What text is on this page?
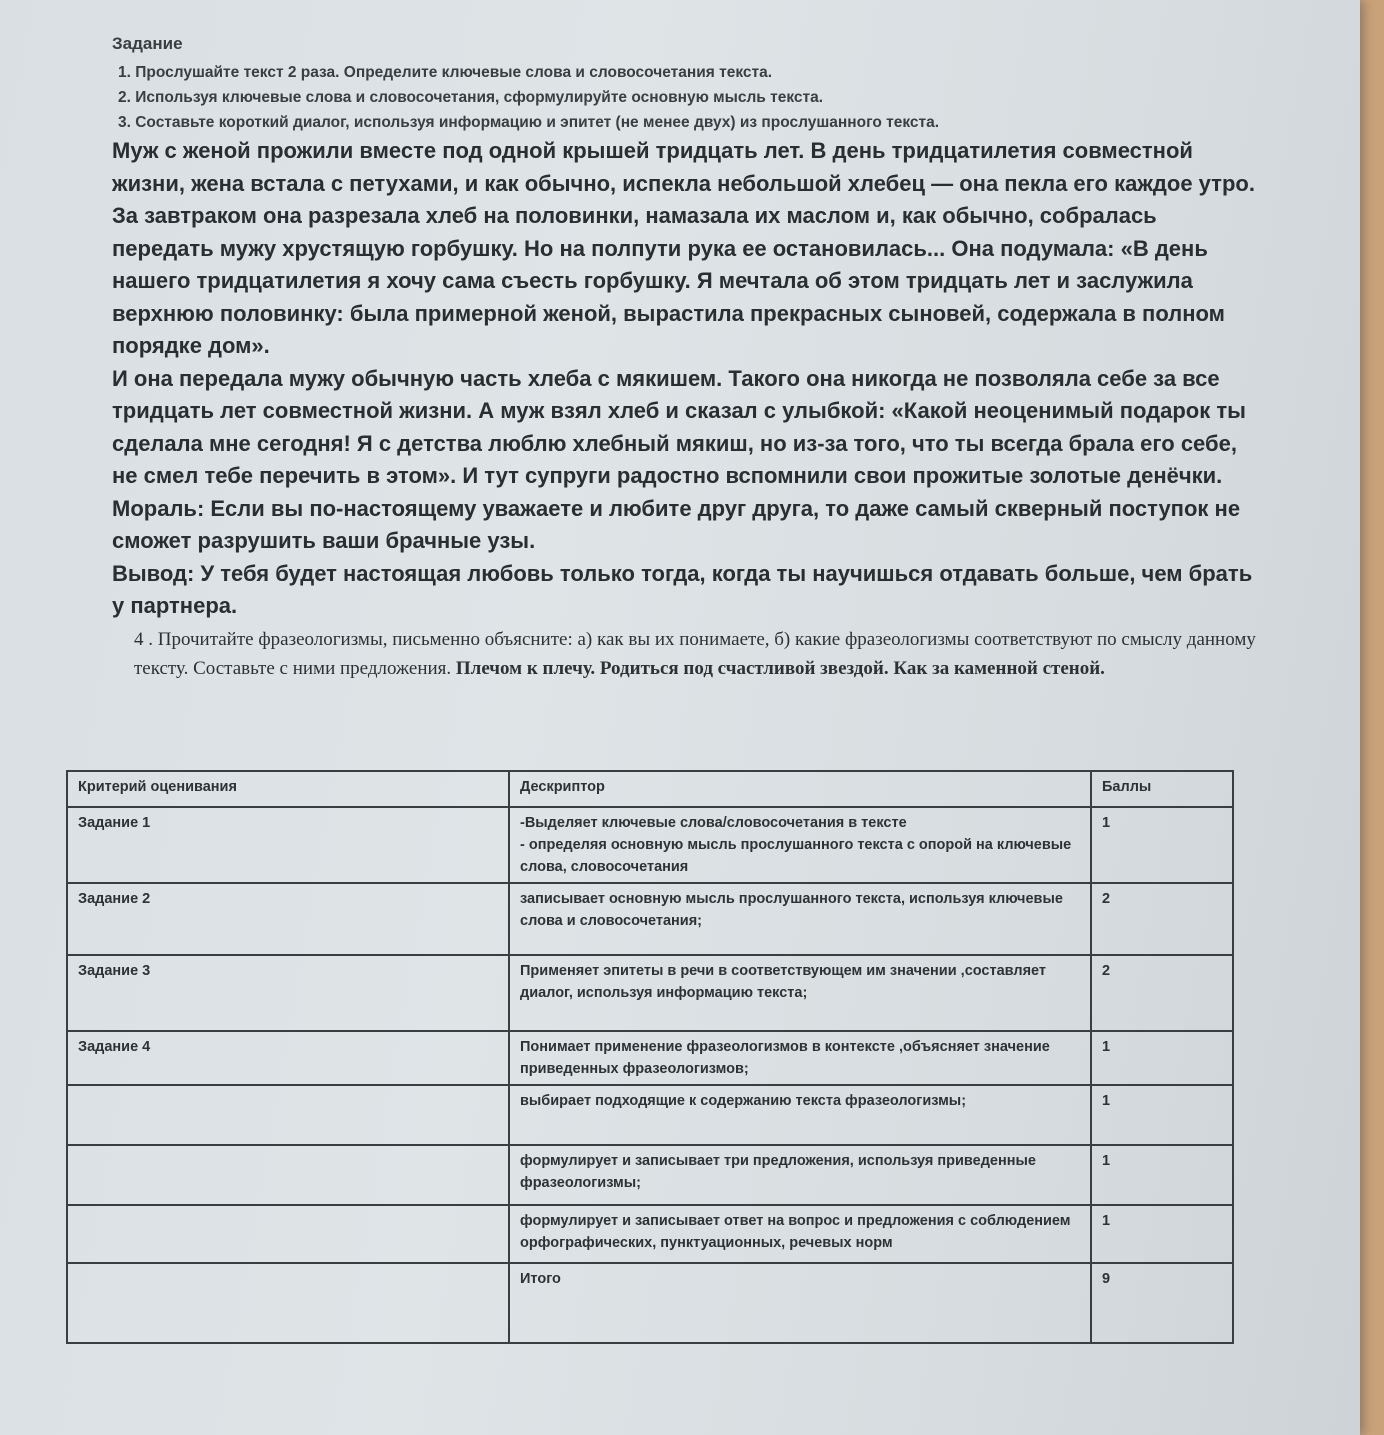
Задание
1. Прослушайте текст 2 раза. Определите ключевые слова и словосочетания текста.
2. Используя ключевые слова и словосочетания, сформулируйте основную мысль текста.
3. Составьте короткий диалог, используя информацию и эпитет (не менее двух) из прослушанного текста.
Муж с женой прожили вместе под одной крышей тридцать лет. В день тридцатилетия совместной жизни, жена встала с петухами, и как обычно, испекла небольшой хлебец — она пекла его каждое утро. За завтраком она разрезала хлеб на половинки, намазала их маслом и, как обычно, собралась передать мужу хрустящую горбушку. Но на полпути рука ее остановилась... Она подумала: «В день нашего тридцатилетия я хочу сама съесть горбушку. Я мечтала об этом тридцать лет и заслужила верхнюю половинку: была примерной женой, вырастила прекрасных сыновей, содержала в полном порядке дом».
И она передала мужу обычную часть хлеба с мякишем. Такого она никогда не позволяла себе за все тридцать лет совместной жизни. А муж взял хлеб и сказал с улыбкой: «Какой неоценимый подарок ты сделала мне сегодня! Я с детства люблю хлебный мякиш, но из-за того, что ты всегда брала его себе, не смел тебе перечить в этом». И тут супруги радостно вспомнили свои прожитые золотые денёчки.
Мораль: Если вы по-настоящему уважаете и любите друг друга, то даже самый скверный поступок не сможет разрушить ваши брачные узы.
Вывод: У тебя будет настоящая любовь только тогда, когда ты научишься отдавать больше, чем брать у партнера.
4 . Прочитайте фразеологизмы, письменно объясните: а) как вы их понимаете, б) какие фразеологизмы соответствуют по смыслу данному тексту. Составьте с ними предложения. Плечом к плечу. Родиться под счастливой звездой. Как за каменной стеной.
Критерий оценивания	Дескриптор	Баллы
Задание 1	-Выделяет ключевые слова/словосочетания в тексте
- определяя основную мысль прослушанного текста с опорой на ключевые слова, словосочетания	1
Задание 2	записывает основную мысль прослушанного текста, используя ключевые слова и словосочетания;	2
Задание 3	Применяет эпитеты в речи в соответствующем им значении ,составляет диалог, используя информацию текста;	2
Задание 4	Понимает применение фразеологизмов в контексте ,объясняет значение приведенных фразеологизмов;	1
	выбирает подходящие к содержанию текста фразеологизмы;	1
	формулирует и записывает три предложения, используя приведенные фразеологизмы;	1
	формулирует и записывает ответ на вопрос и предложения с соблюдением орфографических, пунктуационных, речевых норм	1
	Итого	9
